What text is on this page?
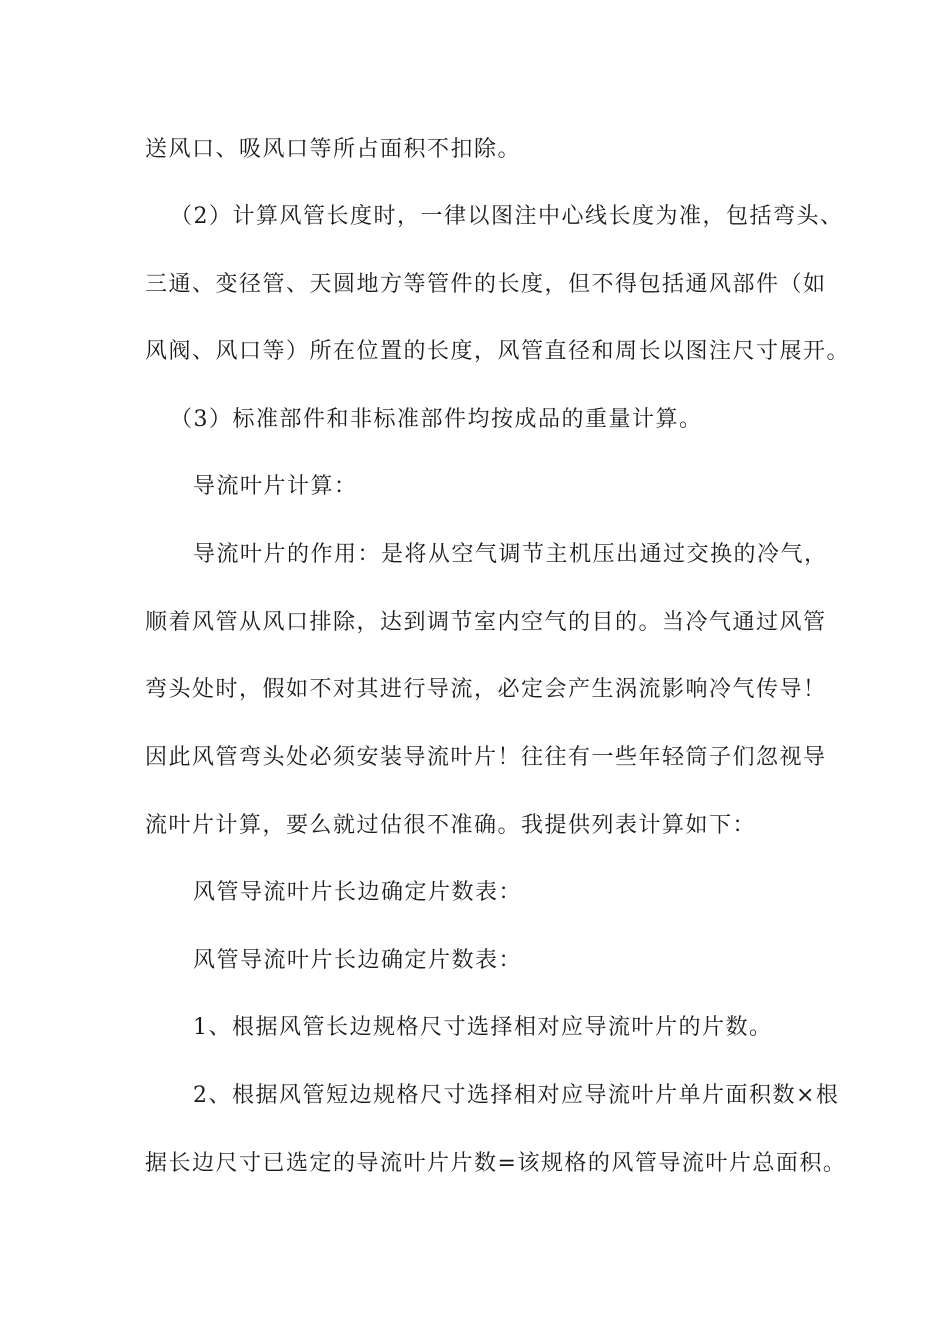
送风口、吸风口等所占面积不扣除。
（2）计算风管长度时，一律以图注中心线长度为准，包括弯头、
三通、变径管、天圆地方等管件的长度，但不得包括通风部件（如
风阀、风口等）所在位置的长度，风管直径和周长以图注尺寸展开。
（3）标准部件和非标准部件均按成品的重量计算。
导流叶片计算：
导流叶片的作用：是将从空气调节主机压出通过交换的冷气，
顺着风管从风口排除，达到调节室内空气的目的。当冷气通过风管
弯头处时，假如不对其进行导流，必定会产生涡流影响冷气传导！
因此风管弯头处必须安装导流叶片！往往有一些年轻筒子们忽视导
流叶片计算，要么就过估很不准确。我提供列表计算如下：
风管导流叶片长边确定片数表：
风管导流叶片长边确定片数表：
1、根据风管长边规格尺寸选择相对应导流叶片的片数。
2、根据风管短边规格尺寸选择相对应导流叶片单片面积数×根
据长边尺寸已选定的导流叶片片数=该规格的风管导流叶片总面积。
